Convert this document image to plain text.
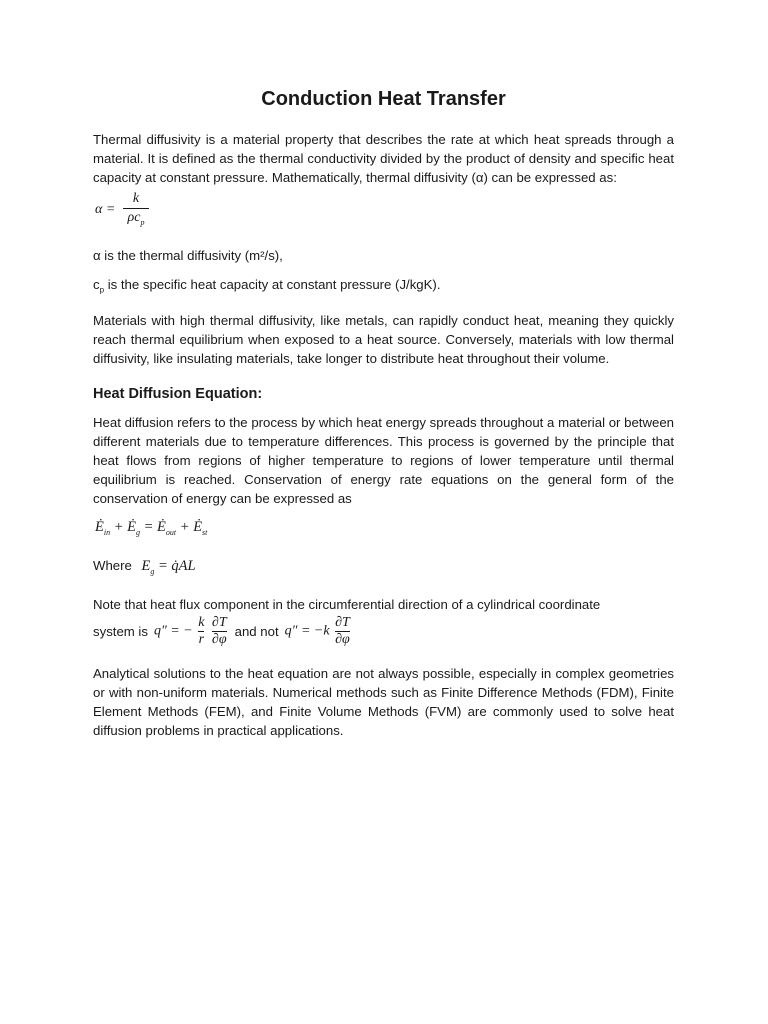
Conduction Heat Transfer

Thermal diffusivity is a material property that describes the rate at which heat spreads through a material. It is defined as the thermal conductivity divided by the product of density and specific heat capacity at constant pressure. Mathematically, thermal diffusivity (α) can be expressed as:

α =
k
$\rho c_p$
α is the thermal diffusivity (m²/s),
$c_p$ is the specific heat capacity at constant pressure (J/kgK).

Materials with high thermal diffusivity, like metals, can rapidly conduct heat, meaning they quickly reach thermal equilibrium when exposed to a heat source. Conversely, materials with low thermal diffusivity, like insulating materials, take longer to distribute heat throughout their volume.

Heat Diffusion Equation:

Heat diffusion refers to the process by which heat energy spreads throughout a material or between different materials due to temperature differences. This process is governed by the principle that heat flows from regions of higher temperature to regions of lower temperature until thermal equilibrium is reached. Conservation of energy rate equations on the general form of the conservation of energy can be expressed as

$E_{in} + E_g = E_{out} + E_{st}$
Where $E_g$ = q̇AL
Note that heat flux component in the circumferential direction of a cylindrical coordinate
system is q″ = − $\frac{k}{r}$
$\frac{\partial T}{\partial\varphi}$ and not $q'' = -k \frac{\partial T}{\partial\varphi}$

Analytical solutions to the heat equation are not always possible, especially in complex geometries or with non-uniform materials. Numerical methods such as Finite Difference Methods (FDM), Finite Element Methods (FEM), and Finite Volume Methods (FVM) are commonly used to solve heat diffusion problems in practical applications.
